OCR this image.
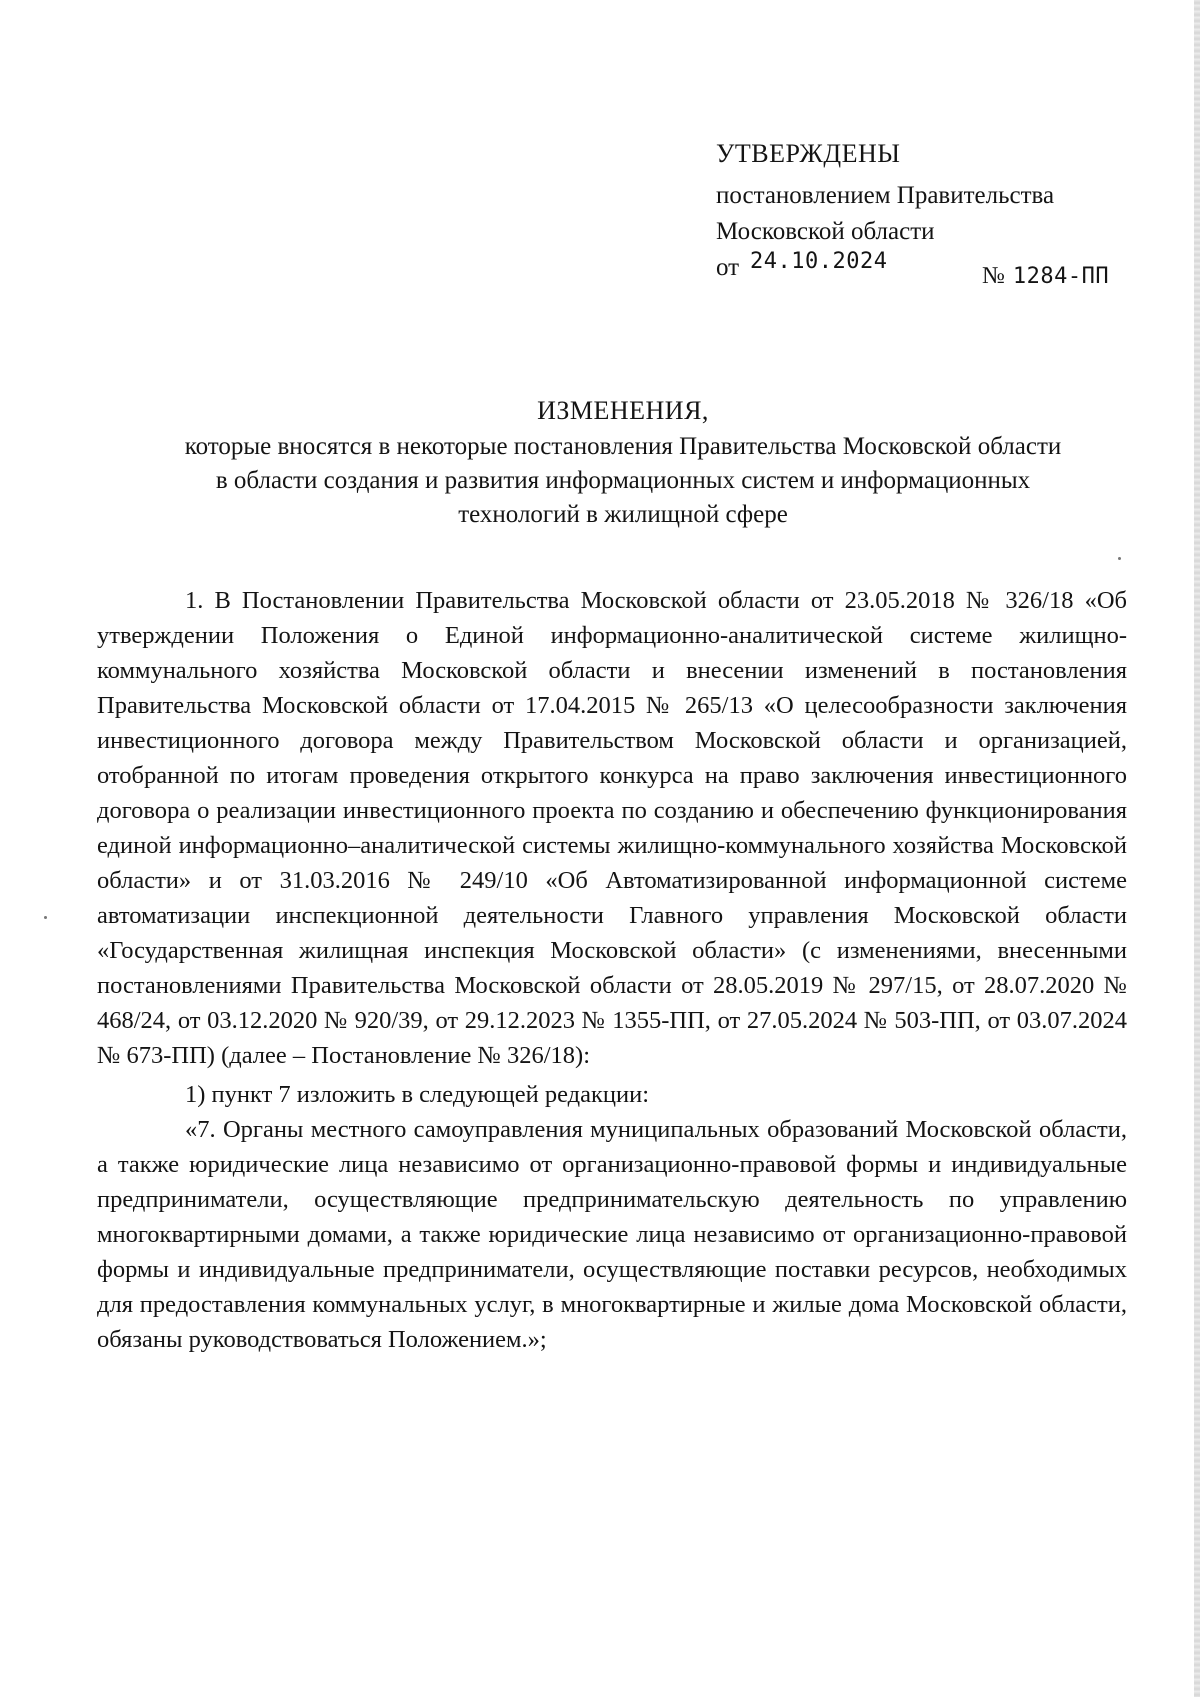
УТВЕРЖДЕНЫ
постановлением Правительства
Московской области
от 24.10.2024
№ 1284-ПП
ИЗМЕНЕНИЯ,
которые вносятся в некоторые постановления Правительства Московской области
в области создания и развития информационных систем и информационных
технологий в жилищной сфере

1. В Постановлении Правительства Московской области от 23.05.2018 № 326/18 «Об утверждении Положения о Единой информационно-аналитической системе жилищно-коммунального хозяйства Московской области и внесении изменений в постановления Правительства Московской области от 17.04.2015 № 265/13 «О целесообразности заключения инвестиционного договора между Правительством Московской области и организацией, отобранной по итогам проведения открытого конкурса на право заключения инвестиционного договора о реализации инвестиционного проекта по созданию и обеспечению функционирования единой информационно–аналитической системы жилищно-коммунального хозяйства Московской области» и от 31.03.2016 № 249/10 «Об Автоматизированной информационной системе автоматизации инспекционной деятельности Главного управления Московской области «Государственная жилищная инспекция Московской области» (с изменениями, внесенными постановлениями Правительства Московской области от 28.05.2019 № 297/15, от 28.07.2020 № 468/24, от 03.12.2020 № 920/39, от 29.12.2023 № 1355-ПП, от 27.05.2024 № 503-ПП, от 03.07.2024 № 673-ПП) (далее – Постановление № 326/18):

1) пункт 7 изложить в следующей редакции:

«7. Органы местного самоуправления муниципальных образований Московской области, а также юридические лица независимо от организационно-правовой формы и индивидуальные предприниматели, осуществляющие предпринимательскую деятельность по управлению многоквартирными домами, а также юридические лица независимо от организационно-правовой формы и индивидуальные предприниматели, осуществляющие поставки ресурсов, необходимых для предоставления коммунальных услуг, в многоквартирные и жилые дома Московской области, обязаны руководствоваться Положением.»;
